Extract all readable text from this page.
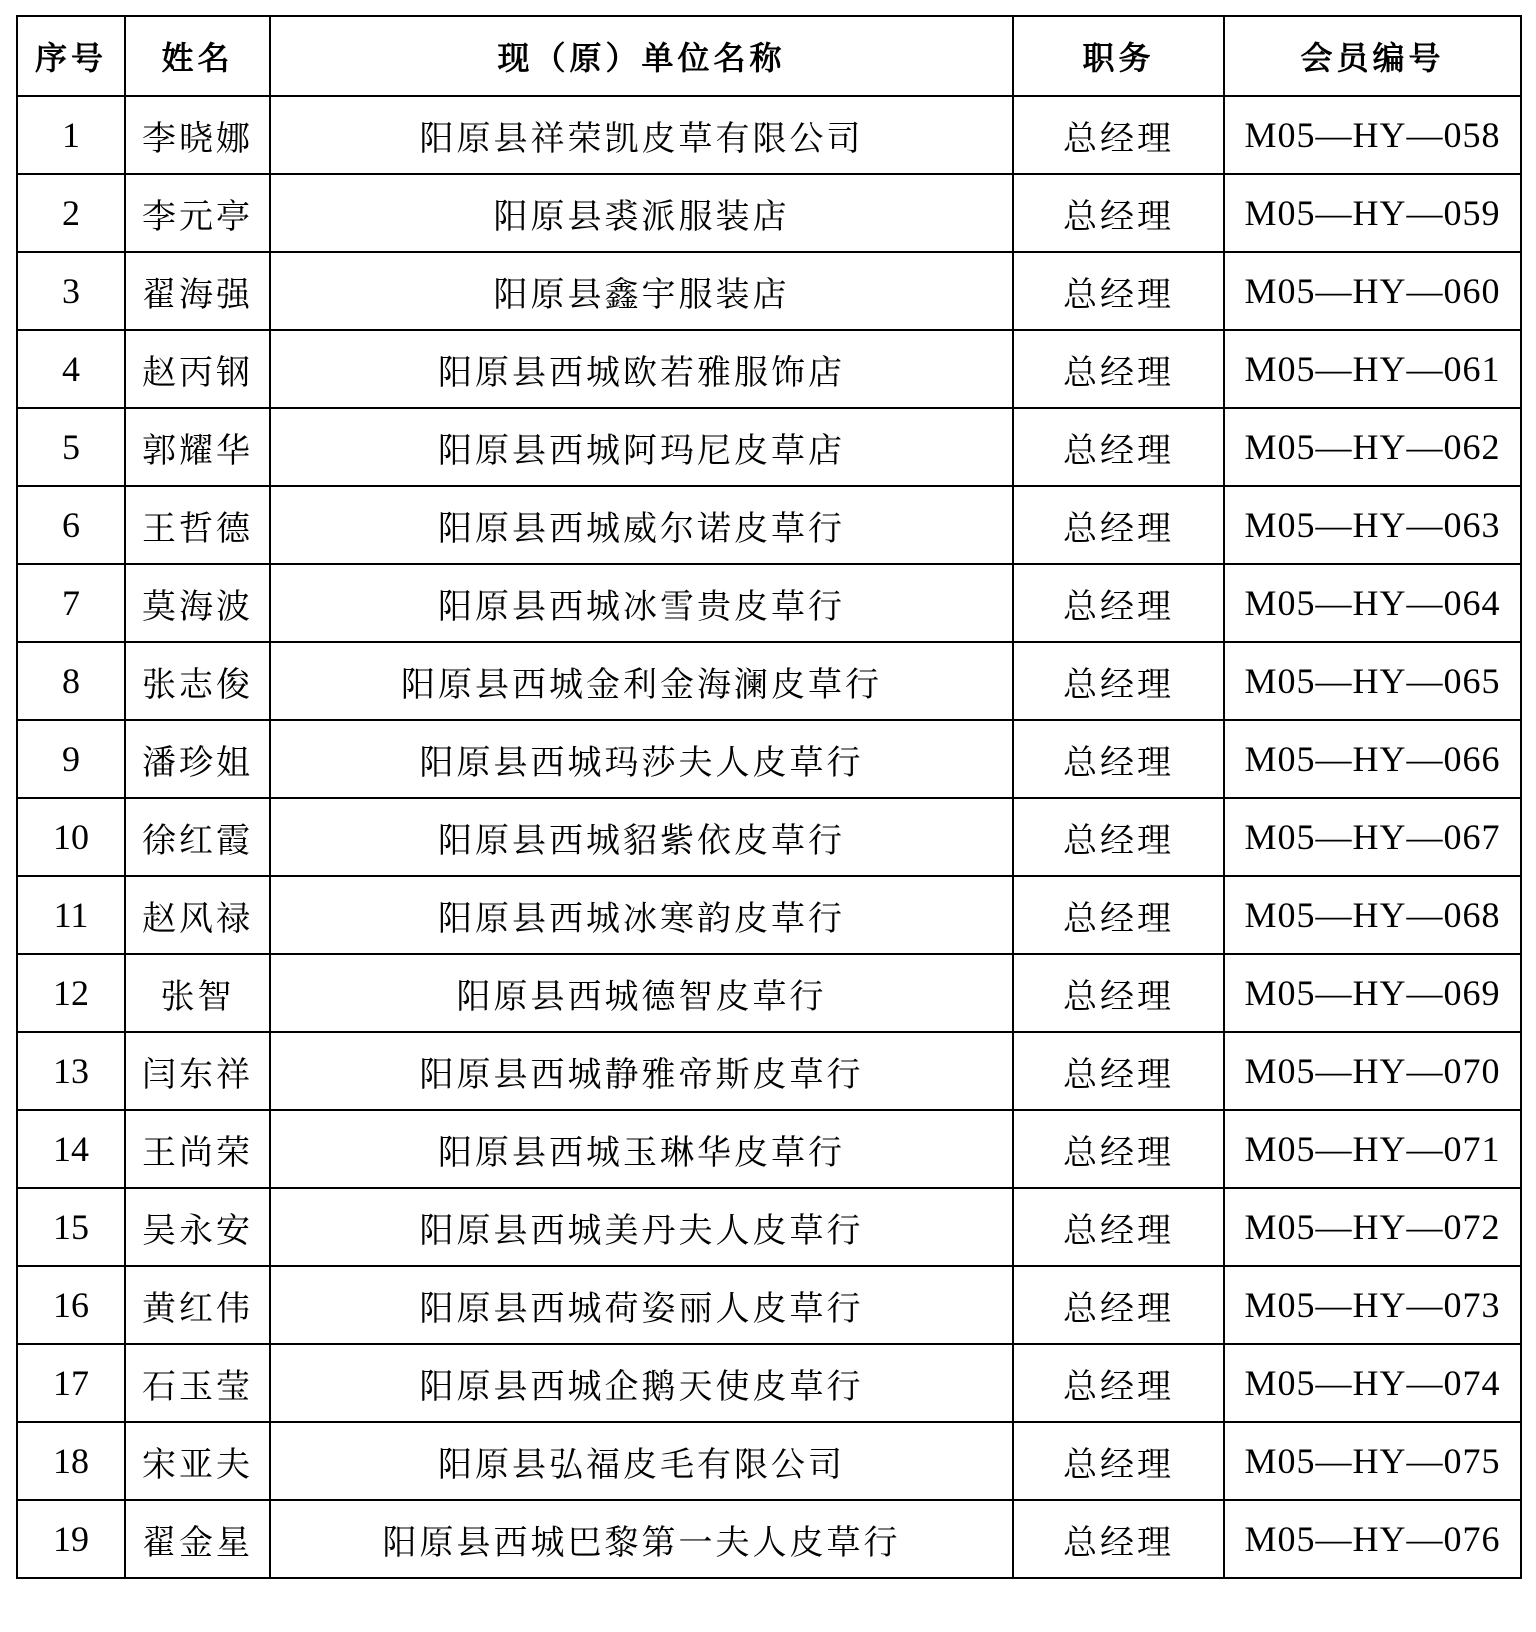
序号	姓名	现（原）单位名称	职务	会员编号
1	李晓娜	阳原县祥荣凯皮草有限公司	总经理	M05—HY—058
2	李元亭	阳原县裘派服装店	总经理	M05—HY—059
3	翟海强	阳原县鑫宇服装店	总经理	M05—HY—060
4	赵丙钢	阳原县西城欧若雅服饰店	总经理	M05—HY—061
5	郭耀华	阳原县西城阿玛尼皮草店	总经理	M05—HY—062
6	王哲德	阳原县西城威尔诺皮草行	总经理	M05—HY—063
7	莫海波	阳原县西城冰雪贵皮草行	总经理	M05—HY—064
8	张志俊	阳原县西城金利金海澜皮草行	总经理	M05—HY—065
9	潘珍姐	阳原县西城玛莎夫人皮草行	总经理	M05—HY—066
10	徐红霞	阳原县西城貂紫依皮草行	总经理	M05—HY—067
11	赵风禄	阳原县西城冰寒韵皮草行	总经理	M05—HY—068
12	张智	阳原县西城德智皮草行	总经理	M05—HY—069
13	闫东祥	阳原县西城静雅帝斯皮草行	总经理	M05—HY—070
14	王尚荣	阳原县西城玉琳华皮草行	总经理	M05—HY—071
15	吴永安	阳原县西城美丹夫人皮草行	总经理	M05—HY—072
16	黄红伟	阳原县西城荷姿丽人皮草行	总经理	M05—HY—073
17	石玉莹	阳原县西城企鹅天使皮草行	总经理	M05—HY—074
18	宋亚夫	阳原县弘福皮毛有限公司	总经理	M05—HY—075
19	翟金星	阳原县西城巴黎第一夫人皮草行	总经理	M05—HY—076
